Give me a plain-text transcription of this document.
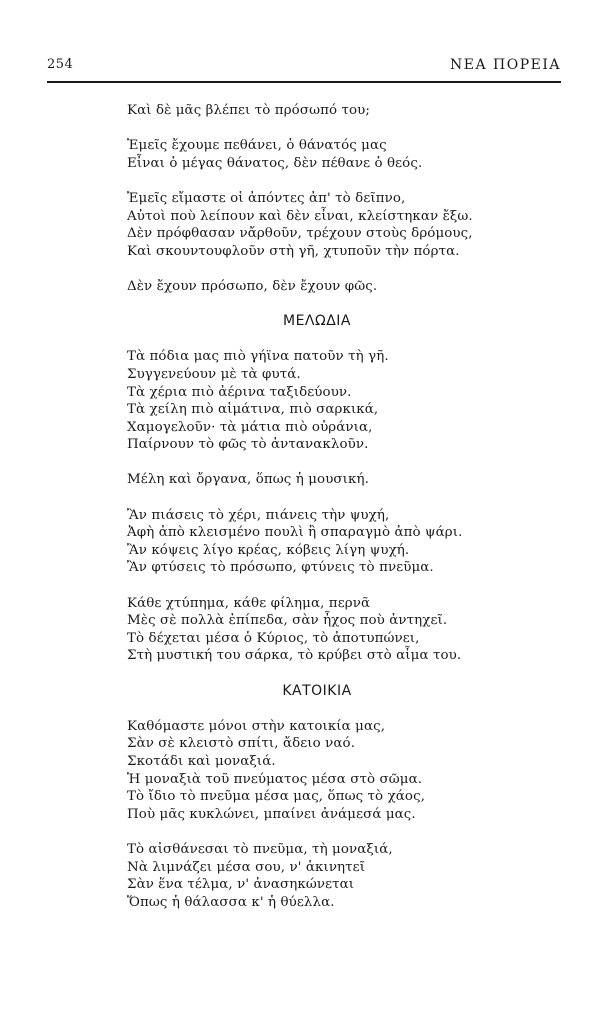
254	ΝΕΑ ΠΟΡΕΙΑ
Καὶ δὲ μᾶς βλέπει τὸ πρόσωπό του;
Ἐμεῖς ἔχουμε πεθάνει, ὁ θάνατός μας
Εἶναι ὁ μέγας θάνατος, δὲν πέθανε ὁ θεός.
Ἐμεῖς εἴμαστε οἱ ἀπόντες ἀπ' τὸ δεῖπνο,
Αὐτοὶ ποὺ λείπουν καὶ δὲν εἶναι, κλείστηκαν ἔξω.
Δὲν πρόφθασαν νἄρθοῦν, τρέχουν στοὺς δρόμους,
Καὶ σκουντουφλοῦν στὴ γῆ, χτυποῦν τὴν πόρτα.
Δὲν ἔχουν πρόσωπο, δὲν ἔχουν φῶς.
ΜΕΛΩΔΙΑ
Τὰ πόδια μας πιὸ γήϊνα πατοῦν τὴ γῆ.
Συγγενεύουν μὲ τὰ φυτά.
Τὰ χέρια πιὸ ἀέρινα ταξιδεύουν.
Τὰ χείλη πιὸ αἱμάτινα, πιὸ σαρκικά,
Χαμογελοῦν· τὰ μάτια πιὸ οὐράνια,
Παίρνουν τὸ φῶς τὸ ἀντανακλοῦν.
Μέλη καὶ ὄργανα, ὅπως ἡ μουσική.
Ἂν πιάσεις τὸ χέρι, πιάνεις τὴν ψυχή,
Ἀφὴ ἀπὸ κλεισμένο πουλὶ ἢ σπαραγμὸ ἀπὸ ψάρι.
Ἂν κόψεις λίγο κρέας, κόβεις λίγη ψυχή.
Ἂν φτύσεις τὸ πρόσωπο, φτύνεις τὸ πνεῦμα.
Κάθε χτύπημα, κάθε φίλημα, περνᾶ
Μὲς σὲ πολλὰ ἐπίπεδα, σὰν ἦχος ποὺ ἀντηχεῖ.
Τὸ δέχεται μέσα ὁ Κύριος, τὸ ἀποτυπώνει,
Στὴ μυστική του σάρκα, τὸ κρύβει στὸ αἷμα του.
ΚΑΤΟΙΚΙΑ
Καθόμαστε μόνοι στὴν κατοικία μας,
Σὰν σὲ κλειστὸ σπίτι, ἄδειο ναό.
Σκοτάδι καὶ μοναξιά.
Ἡ μοναξιὰ τοῦ πνεύματος μέσα στὸ σῶμα.
Τὸ ἴδιο τὸ πνεῦμα μέσα μας, ὅπως τὸ χάος,
Ποὺ μᾶς κυκλώνει, μπαίνει ἀνάμεσά μας.
Τὸ αἰσθάνεσαι τὸ πνεῦμα, τὴ μοναξιά,
Νὰ λιμνάζει μέσα σου, ν' ἀκινητεῖ
Σὰν ἕνα τέλμα, ν' ἀνασηκώνεται
Ὅπως ἡ θάλασσα κ' ἡ θύελλα.
